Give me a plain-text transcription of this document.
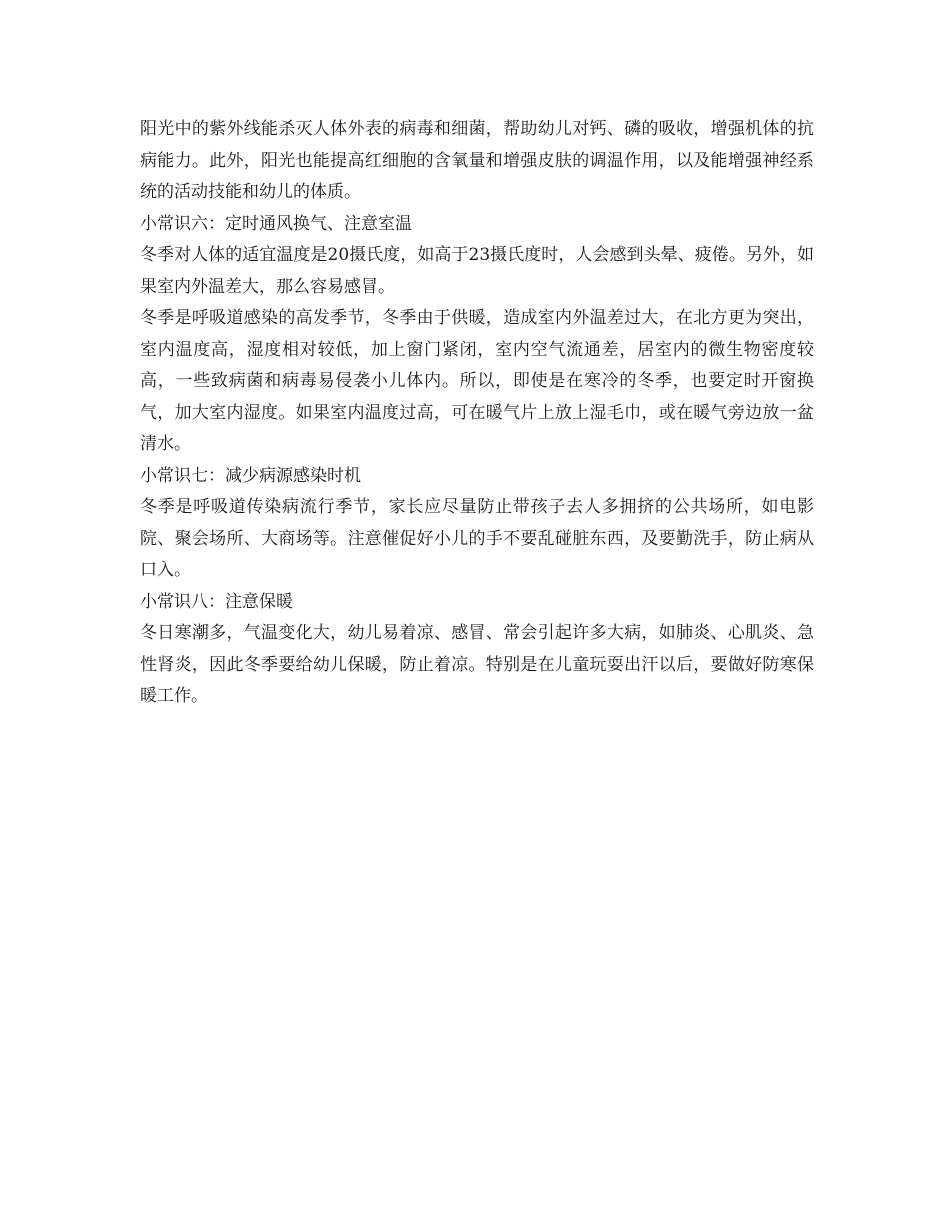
阳光中的紫外线能杀灭人体外表的病毒和细菌，帮助幼儿对钙、磷的吸收，增强机体的抗病能力。此外，阳光也能提高红细胞的含氧量和增强皮肤的调温作用，以及能增强神经系统的活动技能和幼儿的体质。

小常识六：定时通风换气、注意室温

冬季对人体的适宜温度是20摄氏度，如高于23摄氏度时，人会感到头晕、疲倦。另外，如果室内外温差大，那么容易感冒。

冬季是呼吸道感染的高发季节，冬季由于供暖，造成室内外温差过大，在北方更为突出，室内温度高，湿度相对较低，加上窗门紧闭，室内空气流通差，居室内的微生物密度较高，一些致病菌和病毒易侵袭小儿体内。所以，即使是在寒冷的冬季，也要定时开窗换气，加大室内湿度。如果室内温度过高，可在暖气片上放上湿毛巾，或在暖气旁边放一盆清水。

小常识七：减少病源感染时机

冬季是呼吸道传染病流行季节，家长应尽量防止带孩子去人多拥挤的公共场所，如电影院、聚会场所、大商场等。注意催促好小儿的手不要乱碰脏东西，及要勤洗手，防止病从口入。

小常识八：注意保暖

冬日寒潮多，气温变化大，幼儿易着凉、感冒、常会引起许多大病，如肺炎、心肌炎、急性肾炎，因此冬季要给幼儿保暖，防止着凉。特别是在儿童玩耍出汗以后，要做好防寒保暖工作。
